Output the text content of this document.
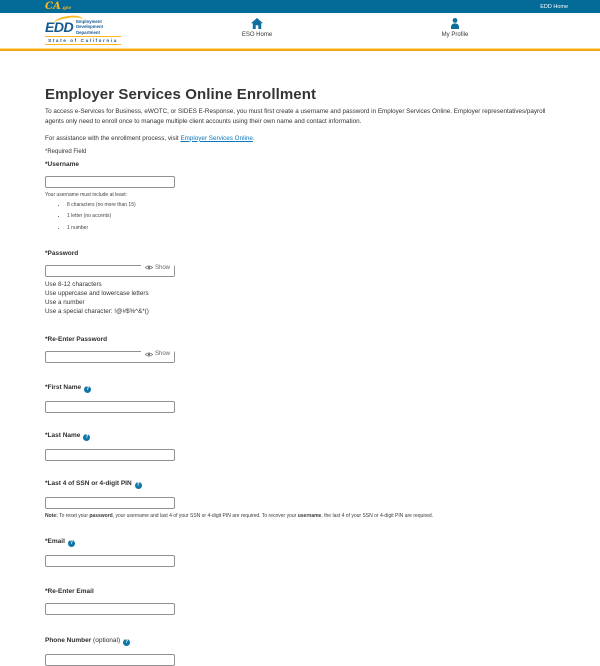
CA .gov	EDD Home
EDD Employment
Development
Department
State of California
ESO Home	My Profile
Employer Services Online Enrollment

To access e-Services for Business, eWOTC, or SIDES E-Response, you must first create a username and password in Employer Services Online. Employer representatives/payroll agents only need to enroll once to manage multiple client accounts using their own name and contact information.

For assistance with the enrollment process, visit Employer Services Online.

*Required Field

*Username
Your username must include at least:
• 8 characters (no more than 15)
• 1 letter (no accents)
• 1 number
*Password
Show
Use 8-12 characters
Use uppercase and lowercase letters
Use a number
Use a special character: !@#$%^&*()
*Re-Enter Password
Show
*First Name ?
*Last Name ?
*Last 4 of SSN or 4-digit PIN ?
Note: To reset your password, your username and last 4 of your SSN or 4-digit PIN are required. To recover your username, the last 4 of your SSN or 4-digit PIN are required.
*Email ?
*Re-Enter Email
Phone Number (optional) ?
